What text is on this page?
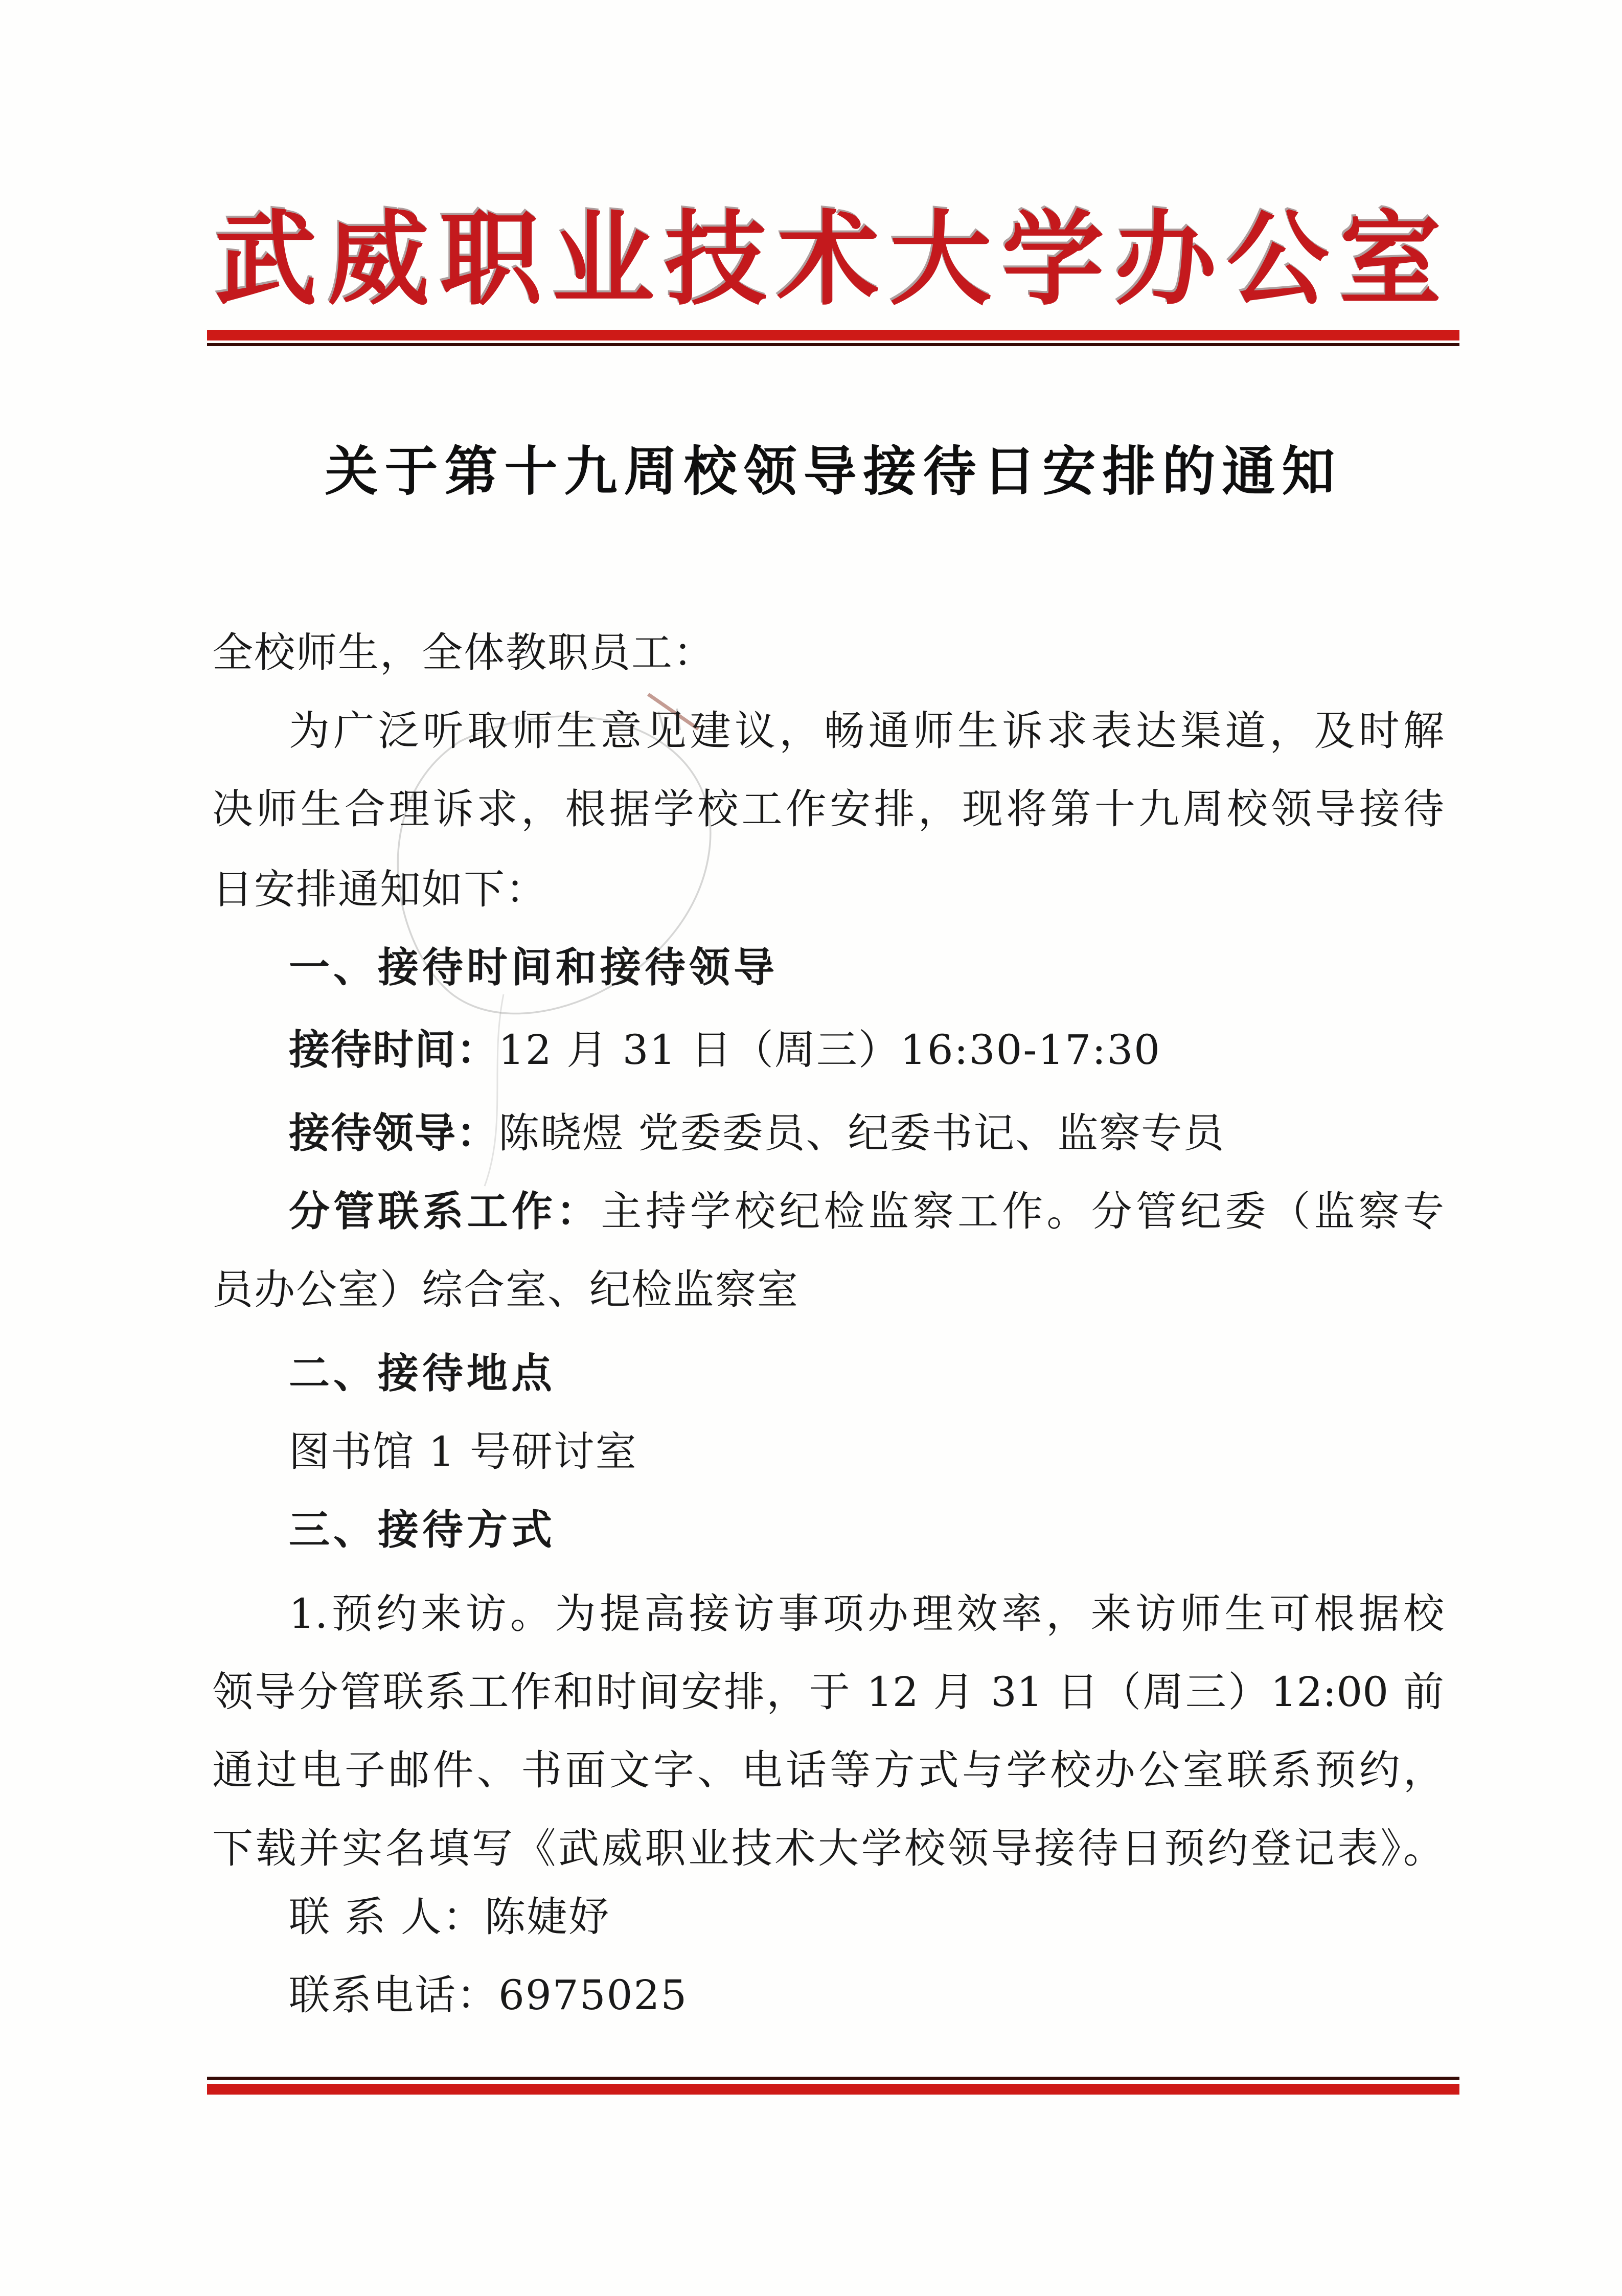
武威职业技术大学办公室
关于第十九周校领导接待日安排的通知
全校师生，全体教职员工：
为广泛听取师生意见建议，畅通师生诉求表达渠道，及时解
决师生合理诉求，根据学校工作安排，现将第十九周校领导接待
日安排通知如下：
一、接待时间和接待领导
接待时间：12 月 31 日（周三）16:30-17:30
接待领导：陈晓煜 党委委员、纪委书记、监察专员
分管联系工作：主持学校纪检监察工作。分管纪委（监察专
员办公室）综合室、纪检监察室
二、接待地点
图书馆 1 号研讨室
三、接待方式
1.预约来访。为提高接访事项办理效率，来访师生可根据校
领导分管联系工作和时间安排，于 12 月 31 日（周三）12:00 前
通过电子邮件、书面文字、电话等方式与学校办公室联系预约，
下载并实名填写《武威职业技术大学校领导接待日预约登记表》。
联 系 人：陈婕妤
联系电话：6975025
